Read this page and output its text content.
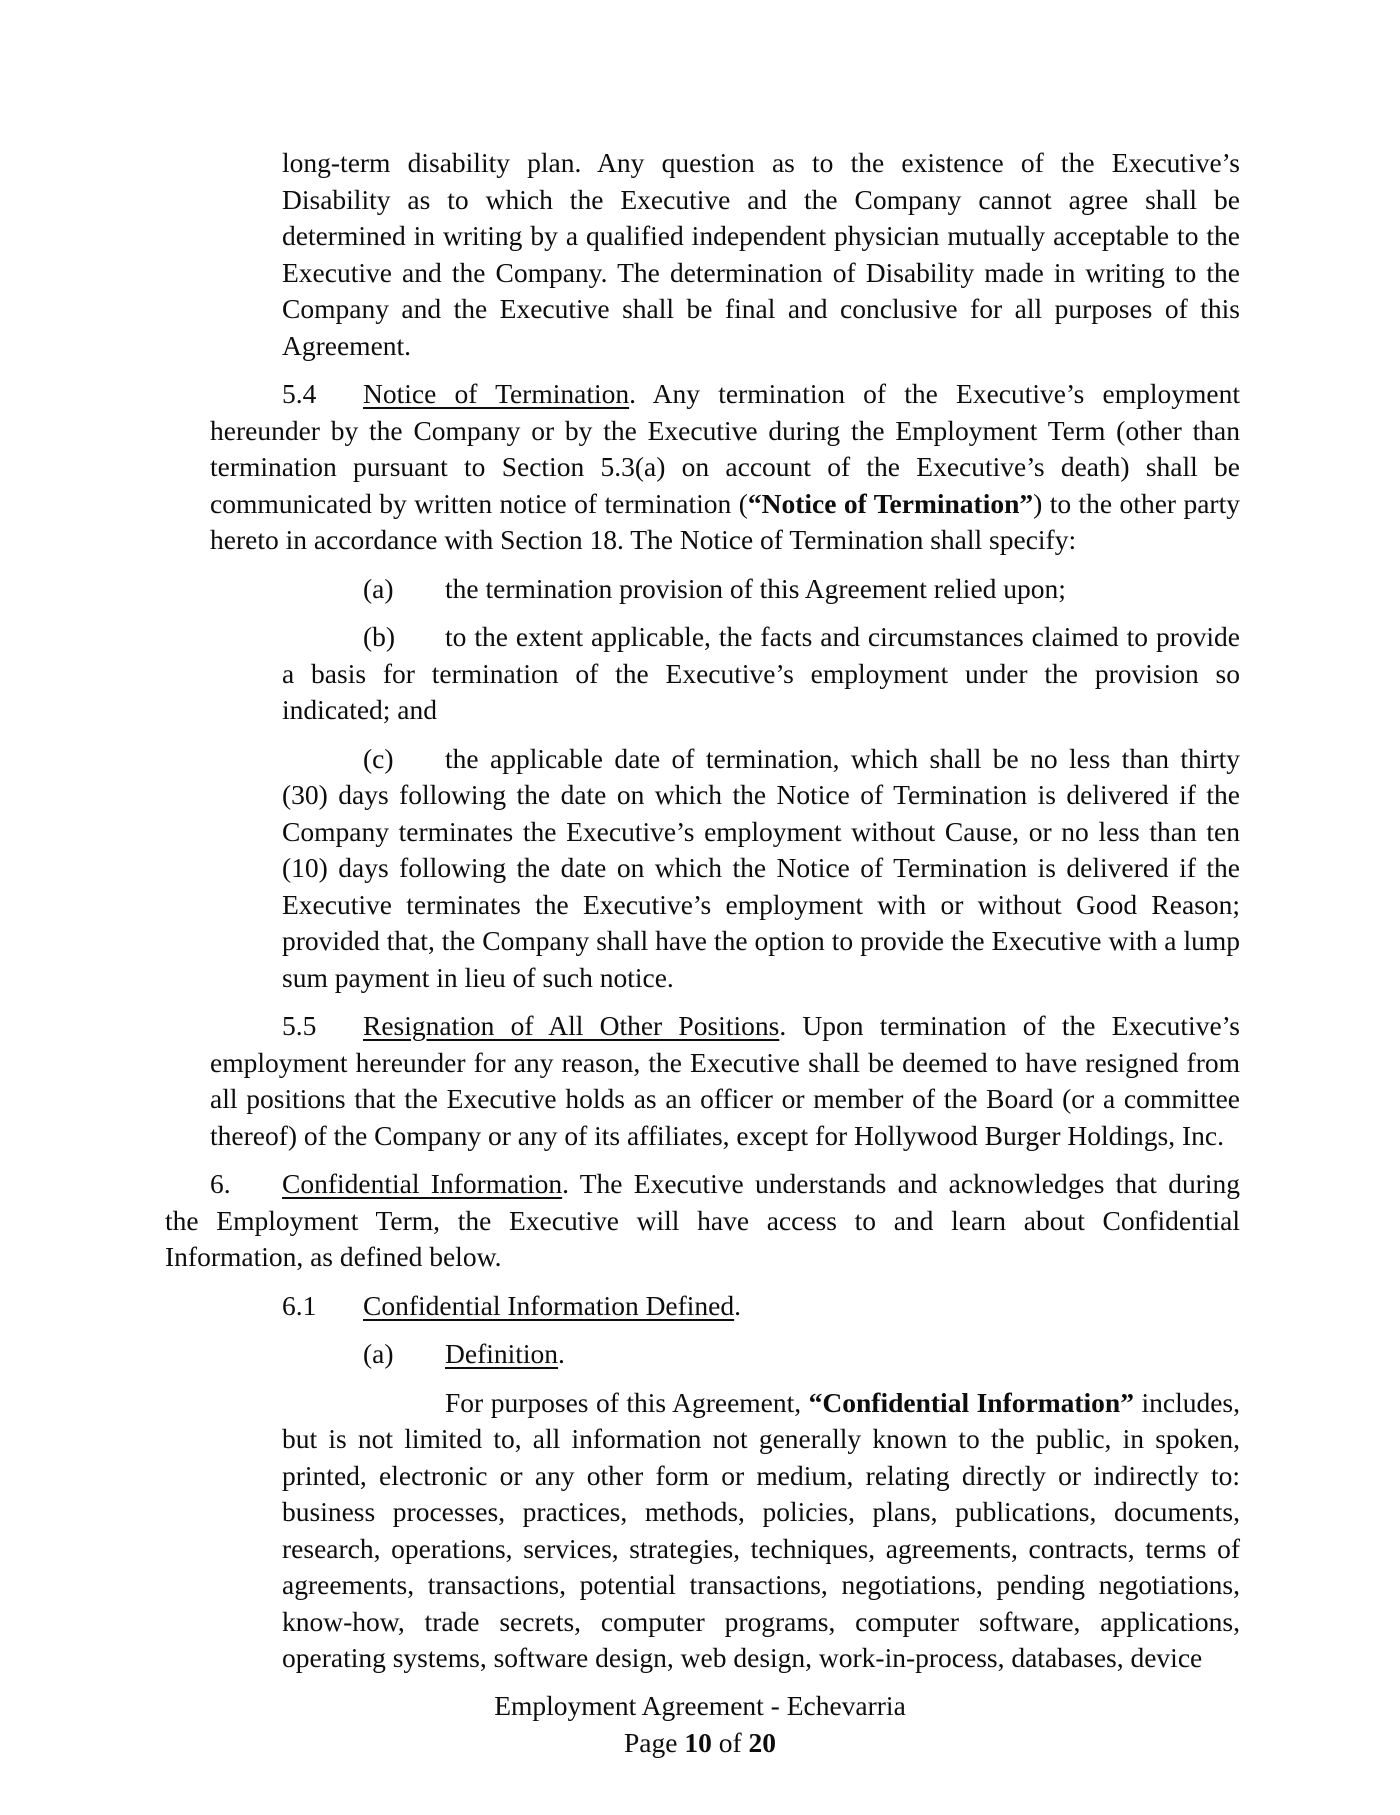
long-term disability plan. Any question as to the existence of the Executive’s Disability as to which the Executive and the Company cannot agree shall be determined in writing by a qualified independent physician mutually acceptable to the Executive and the Company. The determination of Disability made in writing to the Company and the Executive shall be final and conclusive for all purposes of this Agreement.

5.4 Notice of Termination. Any termination of the Executive’s employment hereunder by the Company or by the Executive during the Employment Term (other than termination pursuant to Section 5.3(a) on account of the Executive’s death) shall be communicated by written notice of termination (“Notice of Termination”) to the other party hereto in accordance with Section 18. The Notice of Termination shall specify:

(a) the termination provision of this Agreement relied upon;

(b) to the extent applicable, the facts and circumstances claimed to provide a basis for termination of the Executive’s employment under the provision so indicated; and

(c) the applicable date of termination, which shall be no less than thirty (30) days following the date on which the Notice of Termination is delivered if the Company terminates the Executive’s employment without Cause, or no less than ten (10) days following the date on which the Notice of Termination is delivered if the Executive terminates the Executive’s employment with or without Good Reason; provided that, the Company shall have the option to provide the Executive with a lump sum payment in lieu of such notice.

5.5 Resignation of All Other Positions. Upon termination of the Executive’s employment hereunder for any reason, the Executive shall be deemed to have resigned from all positions that the Executive holds as an officer or member of the Board (or a committee thereof) of the Company or any of its affiliates, except for Hollywood Burger Holdings, Inc.

6. Confidential Information. The Executive understands and acknowledges that during the Employment Term, the Executive will have access to and learn about Confidential Information, as defined below.

6.1 Confidential Information Defined.

(a) Definition.

For purposes of this Agreement, “Confidential Information” includes, but is not limited to, all information not generally known to the public, in spoken, printed, electronic or any other form or medium, relating directly or indirectly to: business processes, practices, methods, policies, plans, publications, documents, research, operations, services, strategies, techniques, agreements, contracts, terms of agreements, transactions, potential transactions, negotiations, pending negotiations, know-how, trade secrets, computer programs, computer software, applications, operating systems, software design, web design, work-in-process, databases, device

Employment Agreement - Echevarria
Page 10 of 20
